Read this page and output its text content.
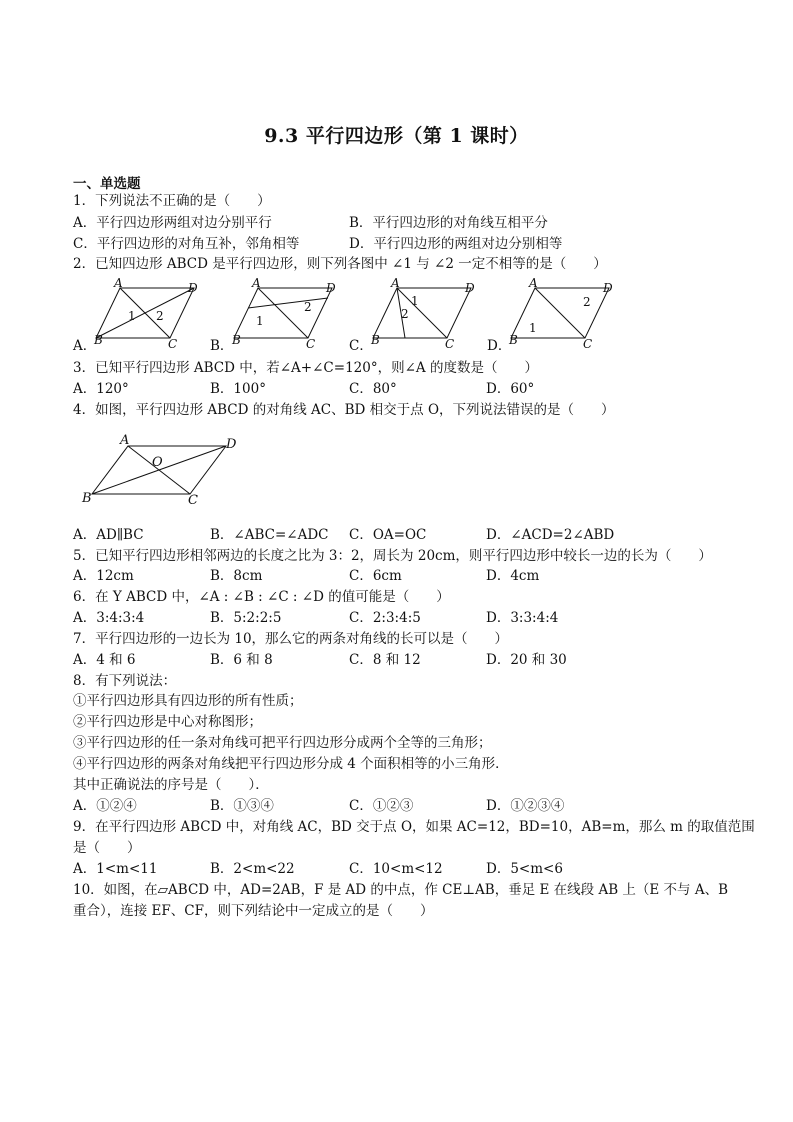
9.3 平行四边形（第 1 课时）
一、单选题
1．下列说法不正确的是（　　）
A．平行四边形两组对边分别平行	B．平行四边形的对角线互相平分
C．平行四边形的对角互补，邻角相等	D．平行四边形的两组对边分别相等
2．已知四边形 ABCD 是平行四边形，则下列各图中 ∠1 与 ∠2 一定不相等的是（　　）
A．
A	D
B	C
1 2
B．
A	D
B	C
1
2
C．
A	D
B	C
1
2
D．
A	D
B	C
1
2
3．已知平行四边形 ABCD 中，若∠A+∠C=120°，则∠A 的度数是（　　）
A．120°	B．100°	C．80°	D．60°
4．如图，平行四边形 ABCD 的对角线 AC、BD 相交于点 O，下列说法错误的是（　　）
A	D
B	C
O
A．AD∥BC	B．∠ABC=∠ADC C．OA=OC	D．∠ACD=2∠ABD
5．已知平行四边形相邻两边的长度之比为 3：2，周长为 20cm，则平行四边形中较长一边的长为（　　）
A．12cm	B．8cm	C．6cm	D．4cm
6．在 Y ABCD 中，∠A : ∠B : ∠C : ∠D 的值可能是（　　）
A．3:4:3:4	B．5:2:2:5	C．2:3:4:5	D．3:3:4:4
7．平行四边形的一边长为 10，那么它的两条对角线的长可以是（　　）
A．4 和 6	B．6 和 8	C．8 和 12	D．20 和 30
8．有下列说法：
①平行四边形具有四边形的所有性质；
②平行四边形是中心对称图形；
③平行四边形的任一条对角线可把平行四边形分成两个全等的三角形；
④平行四边形的两条对角线把平行四边形分成 4 个面积相等的小三角形．
其中正确说法的序号是（　　）．
A．①②④	B．①③④	C．①②③	D．①②③④
9．在平行四边形 ABCD 中，对角线 AC，BD 交于点 O，如果 AC=12，BD=10，AB=m，那么 m 的取值范围
是（　　）
A．1<m<11	B．2<m<22	C．10<m<12	D．5<m<6
10．如图，在▱ABCD 中，AD=2AB，F 是 AD 的中点，作 CE⊥AB，垂足 E 在线段 AB 上（E 不与 A、B
重合），连接 EF、CF，则下列结论中一定成立的是（　　）
